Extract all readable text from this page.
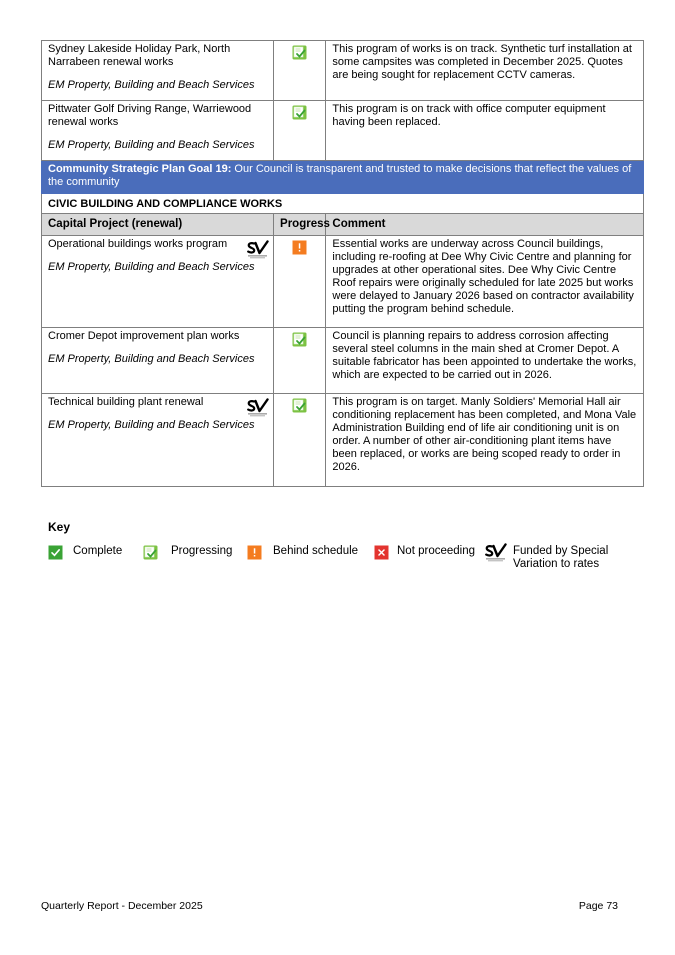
Sydney Lakeside Holiday Park, North Narrabeen renewal works
EM Property, Building and Beach Services		This program of works is on track. Synthetic turf installation at some campsites was completed in December 2025. Quotes are being sought for replacement CCTV cameras.

Pittwater Golf Driving Range, Warriewood renewal works
EM Property, Building and Beach Services		This program is on track with office computer equipment having been replaced.
Community Strategic Plan Goal 19: Our Council is transparent and trusted to make decisions that reflect the values of the community		
CIVIC BUILDING AND COMPLIANCE WORKS		
Capital Project (renewal)	Progress	Comment

Operational buildings works program
EM Property, Building and Beach Services		Essential works are underway across Council buildings, including re-roofing at Dee Why Civic Centre and planning for upgrades at other operational sites. Dee Why Civic Centre Roof repairs were originally scheduled for late 2025 but works were delayed to January 2026 based on contractor availability putting the program behind schedule.

Cromer Depot improvement plan works
EM Property, Building and Beach Services		Council is planning repairs to address corrosion affecting several steel columns in the main shed at Cromer Depot. A suitable fabricator has been appointed to undertake the works, which are expected to be carried out in 2026.

Technical building plant renewal
EM Property, Building and Beach Services		This program is on target. Manly Soldiers' Memorial Hall air conditioning replacement has been completed, and Mona Vale Administration Building end of life air conditioning unit is on order. A number of other air-conditioning plant items have been replaced, or works are being scoped ready to order in 2026.
Key
Complete	Progressing	Behind schedule	Not proceeding	Funded by Special Variation to rates
Quarterly Report - December 2025	Page 73
